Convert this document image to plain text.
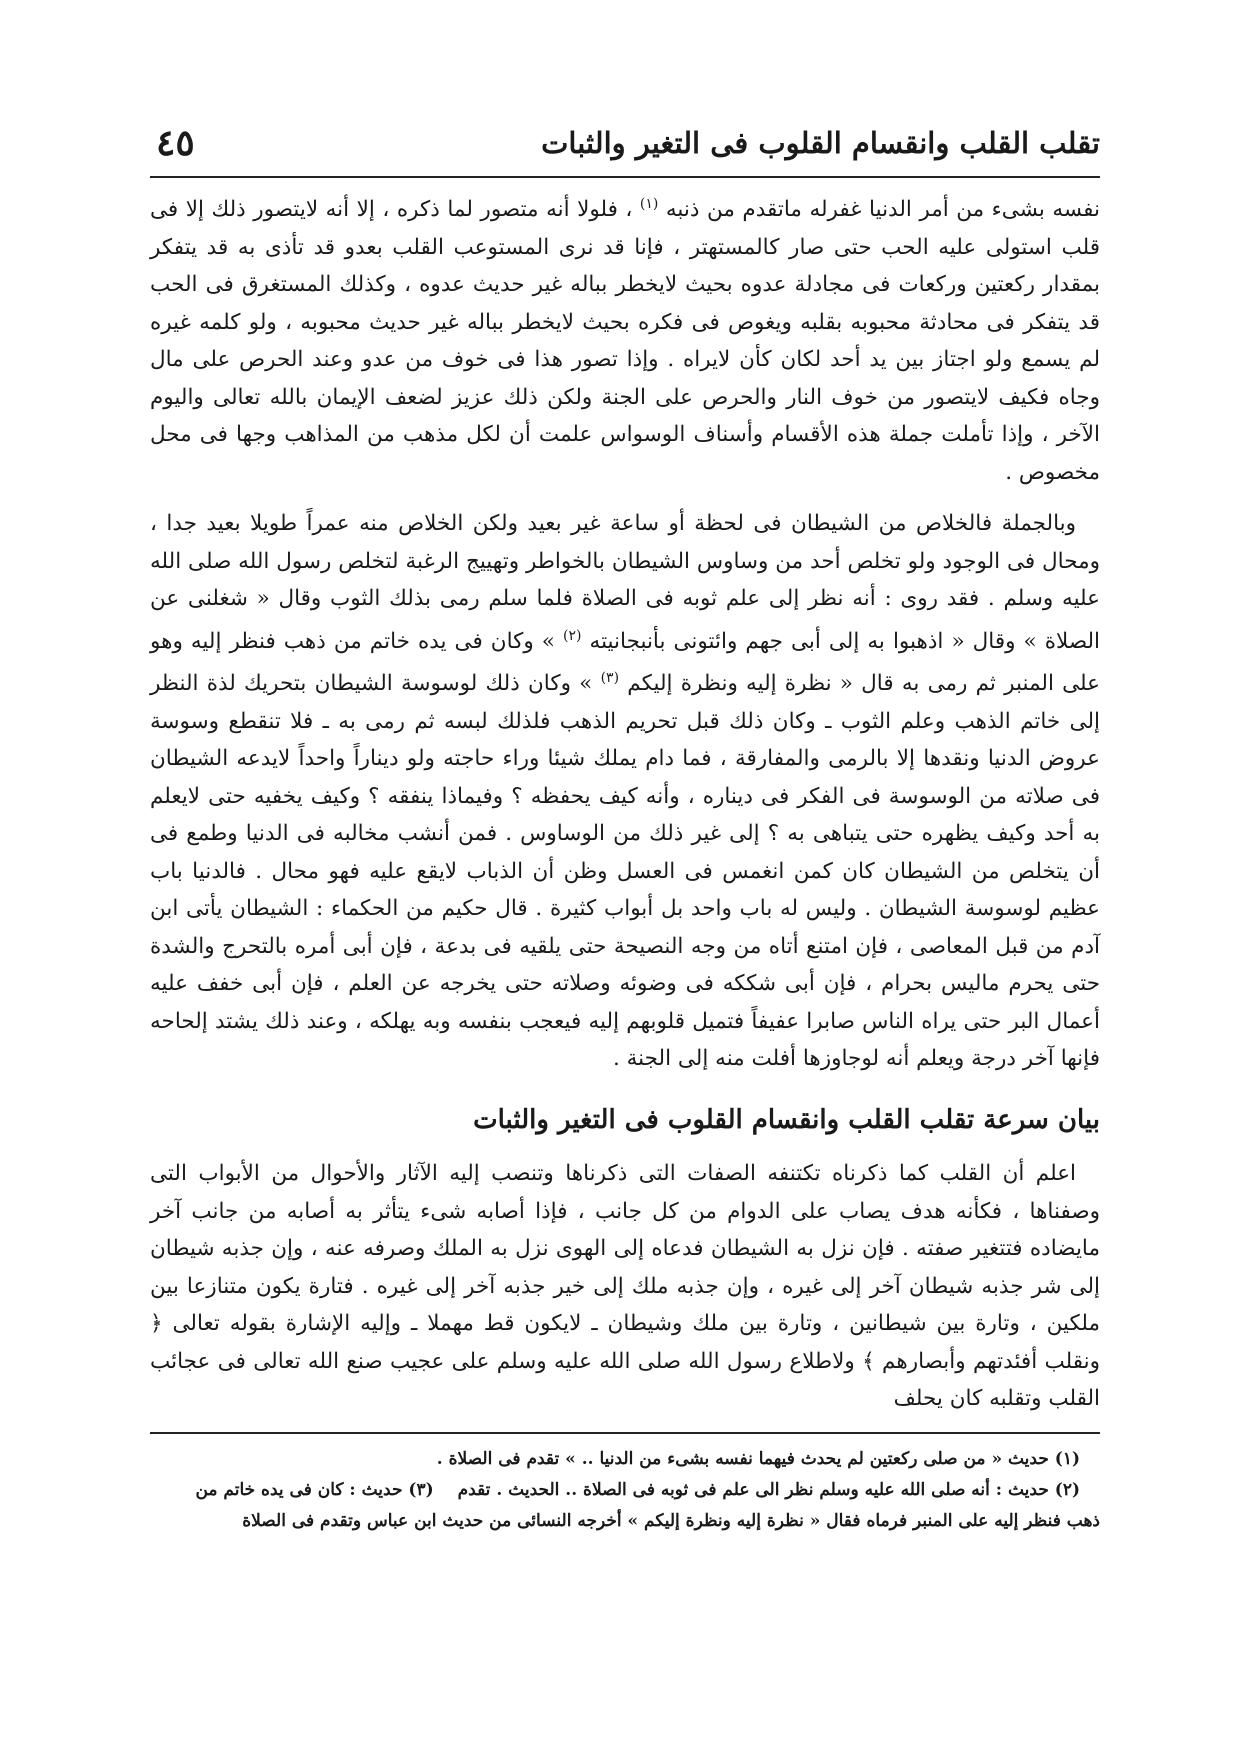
تقلب القلب وانقسام القلوب فى التغير والثبات
٤٥

نفسه بشىء من أمر الدنيا غفرله ماتقدم من ذنبه $^{(١)}$ ، فلولا أنه متصور لما ذكره ، إلا أنه لايتصور ذلك إلا فى قلب استولى عليه الحب حتى صار كالمستهتر ، فإنا قد نرى المستوعب القلب بعدو قد تأذى به قد يتفكر بمقدار ركعتين وركعات فى مجادلة عدوه بحيث لايخطر بباله غير حديث عدوه ، وكذلك المستغرق فى الحب قد يتفكر فى محادثة محبوبه بقلبه ويغوص فى فكره بحيث لايخطر بباله غير حديث محبوبه ، ولو كلمه غيره لم يسمع ولو اجتاز بين يد أحد لكان كأن لايراه . وإذا تصور هذا فى خوف من عدو وعند الحرص على مال وجاه فكيف لايتصور من خوف النار والحرص على الجنة ولكن ذلك عزيز لضعف الإيمان بالله تعالى واليوم الآخر ، وإذا تأملت جملة هذه الأقسام وأسناف الوسواس علمت أن لكل مذهب من المذاهب وجها فى محل مخصوص .

وبالجملة فالخلاص من الشيطان فى لحظة أو ساعة غير بعيد ولكن الخلاص منه عمراً طويلا بعيد جدا ، ومحال فى الوجود ولو تخلص أحد من وساوس الشيطان بالخواطر وتهييج الرغبة لتخلص رسول الله صلى الله عليه وسلم . فقد روى : أنه نظر إلى علم ثوبه فى الصلاة فلما سلم رمى بذلك الثوب وقال « شغلنى عن الصلاة » وقال « اذهبوا به إلى أبى جهم وائتونى بأنبجانيته $^{(٢)}$ » وكان فى يده خاتم من ذهب فنظر إليه وهو على المنبر ثم رمى به قال « نظرة إليه ونظرة إليكم $^{(٣)}$ » وكان ذلك لوسوسة الشيطان بتحريك لذة النظر إلى خاتم الذهب وعلم الثوب ـ وكان ذلك قبل تحريم الذهب فلذلك لبسه ثم رمى به ـ فلا تنقطع وسوسة عروض الدنيا ونقدها إلا بالرمى والمفارقة ، فما دام يملك شيئا وراء حاجته ولو ديناراً واحداً لايدعه الشيطان فى صلاته من الوسوسة فى الفكر فى ديناره ، وأنه كيف يحفظه ؟ وفيماذا ينفقه ؟ وكيف يخفيه حتى لايعلم به أحد وكيف يظهره حتى يتباهى به ؟ إلى غير ذلك من الوساوس . فمن أنشب مخالبه فى الدنيا وطمع فى أن يتخلص من الشيطان كان كمن انغمس فى العسل وظن أن الذباب لايقع عليه فهو محال . فالدنيا باب عظيم لوسوسة الشيطان . وليس له باب واحد بل أبواب كثيرة . قال حكيم من الحكماء : الشيطان يأتى ابن آدم من قبل المعاصى ، فإن امتنع أتاه من وجه النصيحة حتى يلقيه فى بدعة ، فإن أبى أمره بالتحرج والشدة حتى يحرم ماليس بحرام ، فإن أبى شككه فى وضوئه وصلاته حتى يخرجه عن العلم ، فإن أبى خفف عليه أعمال البر حتى يراه الناس صابرا عفيفاً فتميل قلوبهم إليه فيعجب بنفسه وبه يهلكه ، وعند ذلك يشتد إلحاحه فإنها آخر درجة ويعلم أنه لوجاوزها أفلت منه إلى الجنة .

بيان سرعة تقلب القلب وانقسام القلوب فى التغير والثبات

اعلم أن القلب كما ذكرناه تكتنفه الصفات التى ذكرناها وتنصب إليه الآثار والأحوال من الأبواب التى وصفناها ، فكأنه هدف يصاب على الدوام من كل جانب ، فإذا أصابه شىء يتأثر به أصابه من جانب آخر مايضاده فتتغير صفته . فإن نزل به الشيطان فدعاه إلى الهوى نزل به الملك وصرفه عنه ، وإن جذبه شيطان إلى شر جذبه شيطان آخر إلى غيره ، وإن جذبه ملك إلى خير جذبه آخر إلى غيره . فتارة يكون متنازعا بين ملكين ، وتارة بين شيطانين ، وتارة بين ملك وشيطان ـ لايكون قط مهملا ـ وإليه الإشارة بقوله تعالى ﴿ ونقلب أفئدتهم وأبصارهم ﴾ ولاطلاع رسول الله صلى الله عليه وسلم على عجيب صنع الله تعالى فى عجائب القلب وتقلبه كان يحلف

(١) حديث « من صلى ركعتين لم يحدث فيهما نفسه بشىء من الدنيا .. » تقدم فى الصلاة .

(٢) حديث : أنه صلى الله عليه وسلم نظر الى علم فى ثوبه فى الصلاة .. الحديث . تقدم(٣) حديث : كان فى يده خاتم من

ذهب فنظر إليه على المنبر فرماه فقال « نظرة إليه ونظرة إليكم » أخرجه النسائى من حديث ابن عباس وتقدم فى الصلاة
